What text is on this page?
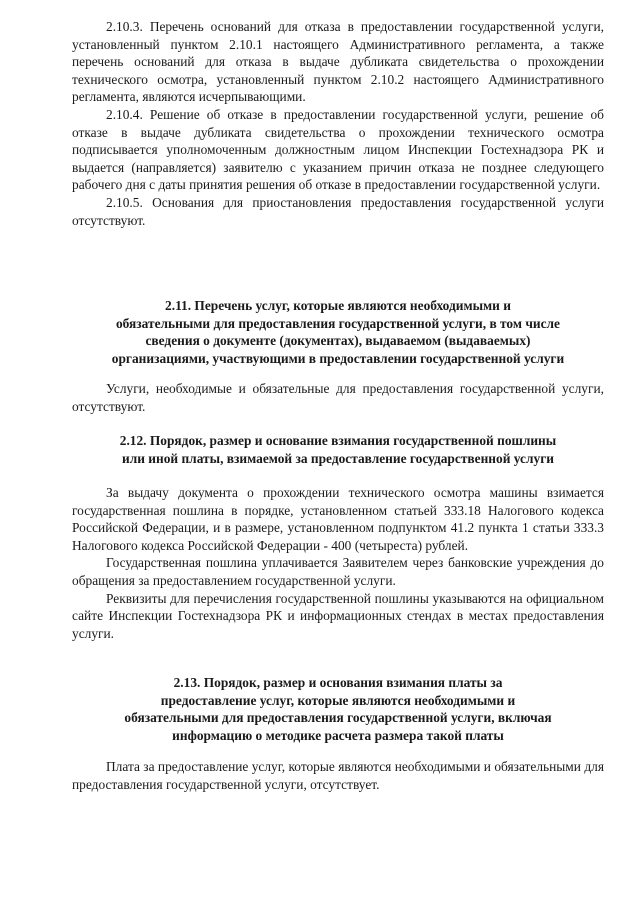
2.10.3. Перечень оснований для отказа в предоставлении государственной услуги, установленный пунктом 2.10.1 настоящего Административного регламента, а также перечень оснований для отказа в выдаче дубликата свидетельства о прохождении технического осмотра, установленный пунктом 2.10.2 настоящего Административного регламента, являются исчерпывающими.

2.10.4. Решение об отказе в предоставлении государственной услуги, решение об отказе в выдаче дубликата свидетельства о прохождении технического осмотра подписывается уполномоченным должностным лицом Инспекции Гостехнадзора РК и выдается (направляется) заявителю с указанием причин отказа не позднее следующего рабочего дня с даты принятия решения об отказе в предоставлении государственной услуги.

2.10.5. Основания для приостановления предоставления государственной услуги отсутствуют.

2.11. Перечень услуг, которые являются необходимыми и
обязательными для предоставления государственной услуги, в том числе
сведения о документе (документах), выдаваемом (выдаваемых)
организациями, участвующими в предоставлении государственной услуги

Услуги, необходимые и обязательные для предоставления государственной услуги, отсутствуют.

2.12. Порядок, размер и основание взимания государственной пошлины
или иной платы, взимаемой за предоставление государственной услуги

За выдачу документа о прохождении технического осмотра машины взимается государственная пошлина в порядке, установленном статьей 333.18 Налогового кодекса Российской Федерации, и в размере, установленном подпунктом 41.2 пункта 1 статьи 333.3 Налогового кодекса Российской Федерации - 400 (четыреста) рублей.

Государственная пошлина уплачивается Заявителем через банковские учреждения до обращения за предоставлением государственной услуги.

Реквизиты для перечисления государственной пошлины указываются на официальном сайте Инспекции Гостехнадзора РК и информационных стендах в местах предоставления услуги.

2.13. Порядок, размер и основания взимания платы за
предоставление услуг, которые являются необходимыми и
обязательными для предоставления государственной услуги, включая
информацию о методике расчета размера такой платы

Плата за предоставление услуг, которые являются необходимыми и обязательными для предоставления государственной услуги, отсутствует.
